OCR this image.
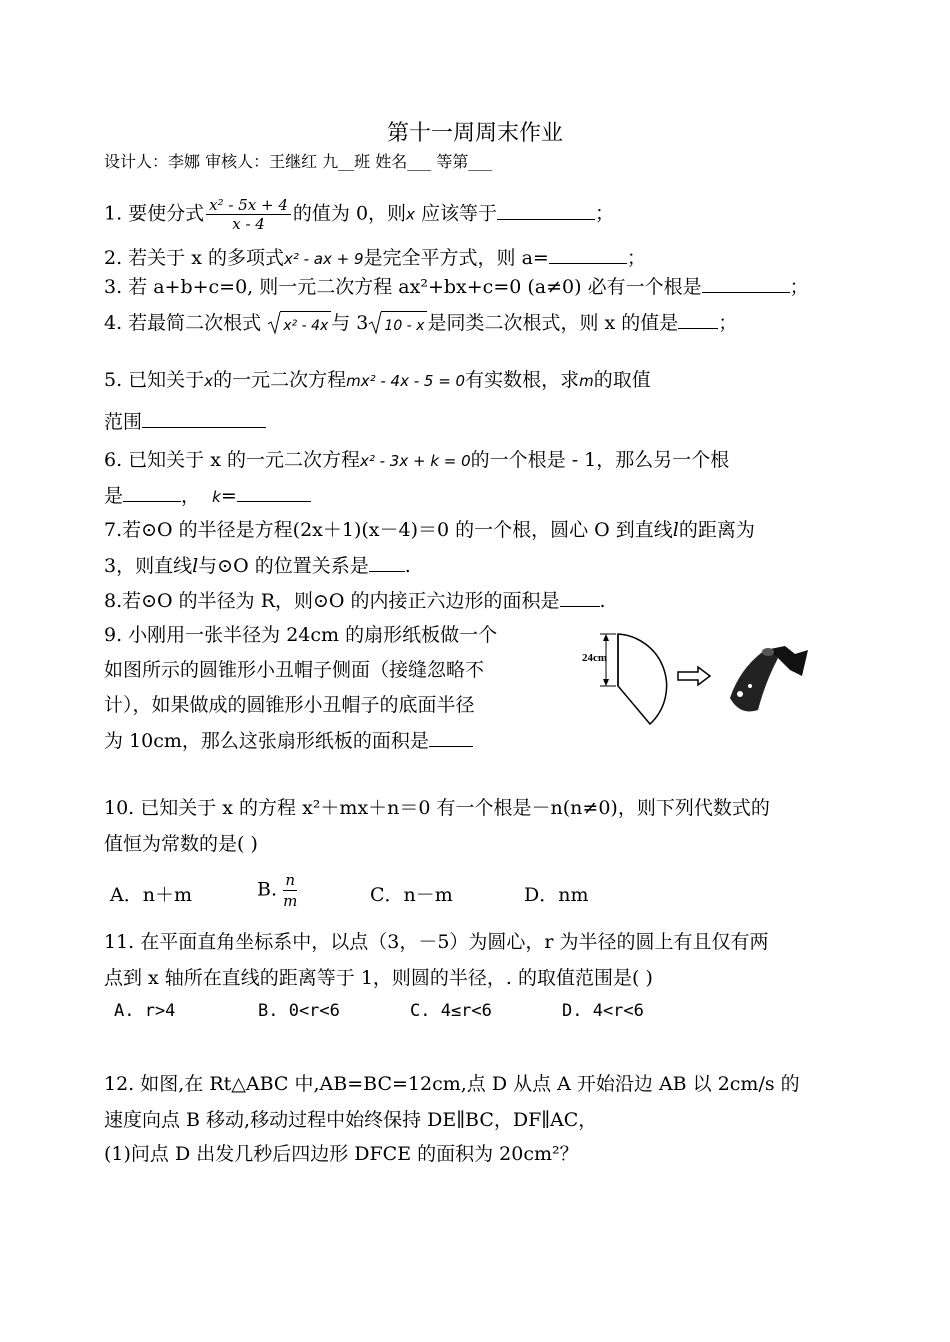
第十一周周末作业
设计人：李娜 审核人：王继红 九__班 姓名___ 等第___
1. 要使分式 $\frac{\text{x² - 5x + 4}}{x - 4}$ 的值为 0，则x 应该等于	；
2. 若关于 x 的多项式x² - ax + 9是完全平方式，则 a=	；
3. 若 a+b+c=0, 则一元二次方程 ax²+bx+c=0 (a≠0) 必有一个根是	；
4. 若最简二次根式 x² - 4x 与 3 10 - x 是同类二次根式，则 x 的值是 ；
5. 已知关于x的一元二次方程mx² - 4x - 5 = 0有实数根，求m的取值
范围
6. 已知关于 x 的一元二次方程x² - 3x + k = 0的一个根是 - 1，那么另一个根
是	， k=
7.若⊙O 的半径是方程(2x＋1)(x－4)＝0 的一个根，圆心 O 到直线l的距离为
3，则直线l与⊙O 的位置关系是 .
8.若⊙O 的半径为 R，则⊙O 的内接正六边形的面积是 .
9. 小刚用一张半径为 24cm 的扇形纸板做一个
如图所示的圆锥形小丑帽子侧面（接缝忽略不
计），如果做成的圆锥形小丑帽子的底面半径
为 10cm，那么这张扇形纸板的面积是
24cm
10. 已知关于 x 的方程 x²＋mx＋n＝0 有一个根是－n(n≠0)，则下列代数式的
值恒为常数的是( )
A．n＋m	B. $\frac{n}{m}$	C．n－m	D．nm
11. 在平面直角坐标系中，以点（3，－5）为圆心，r 为半径的圆上有且仅有两
点到 x 轴所在直线的距离等于 1，则圆的半径，. 的取值范围是( )
A. r>4	B. 0<r<6	C. 4≤r<6	D. 4<r<6
12. 如图,在 Rt△ABC 中,AB=BC=12cm,点 D 从点 A 开始沿边 AB 以 2cm/s 的
速度向点 B 移动,移动过程中始终保持 DE∥BC，DF∥AC，
(1)问点 D 出发几秒后四边形 DFCE 的面积为 20cm²？
